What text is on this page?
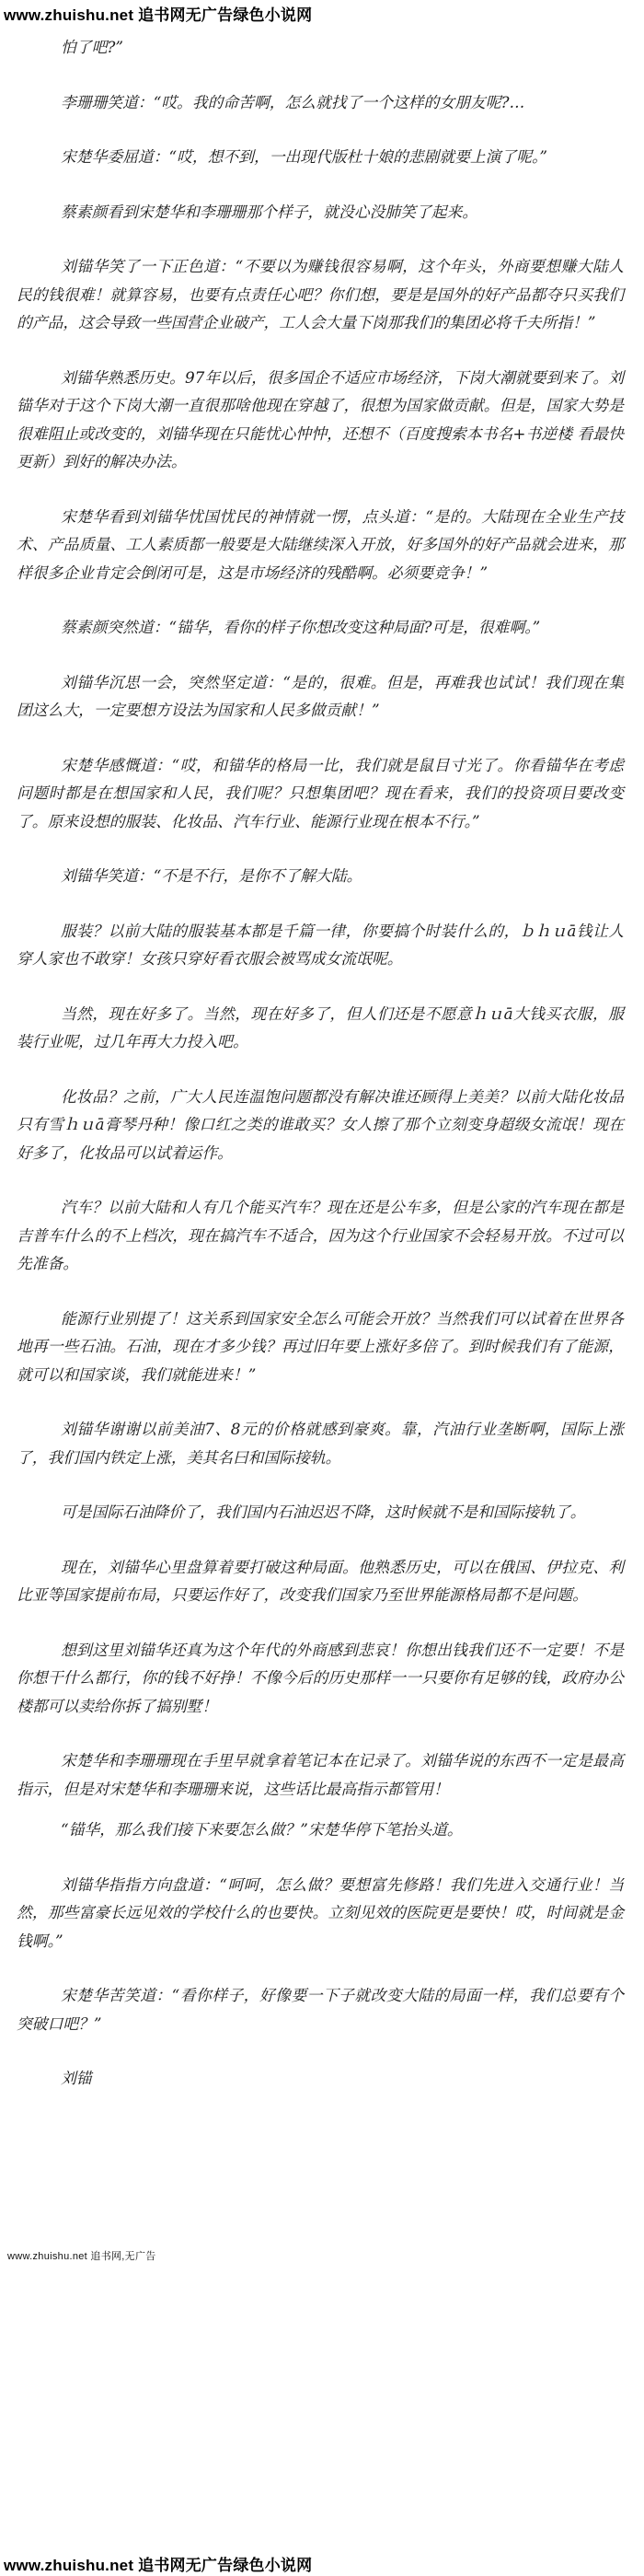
www.zhuishu.net 追书网无广告绿色小说网

怕了吧?”

李珊珊笑道：“哎。我的命苦啊，怎么就找了一个这样的女朋友呢?…

宋楚华委屈道：“哎，想不到，一出现代版杜十娘的悲剧就要上演了呢。”

蔡素颜看到宋楚华和李珊珊那个样子，就没心没肺笑了起来。

刘锚华笑了一下正色道：“不要以为赚钱很容易啊，这个年头，外商要想赚大陆人民的钱很难！就算容易，也要有点责任心吧？你们想，要是是国外的好产品都夺只买我们的产品，这会导致一些国营企业破产，工人会大量下岗那我们的集团必将千夫所指！”

刘锚华熟悉历史。97年以后，很多国企不适应市场经济，下岗大潮就要到来了。刘锚华对于这个下岗大潮一直很那啥他现在穿越了，很想为国家做贡献。但是，国家大势是很难阻止或改变的，刘锚华现在只能忧心忡忡，还想不（百度搜索本书名+书逆楼 看最快更新）到好的解决办法。

宋楚华看到刘锚华忧国忧民的神情就一愣，点头道：“是的。大陆现在全业生产技术、产品质量、工人素质都一般要是大陆继续深入开放，好多国外的好产品就会进来，那样很多企业肯定会倒闭可是，这是市场经济的残酷啊。必须要竞争！”

蔡素颜突然道：“锚华，看你的样子你想改变这种局面?可是，很难啊。”

刘锚华沉思一会，突然坚定道：“是的，很难。但是，再难我也试试！我们现在集团这么大，一定要想方设法为国家和人民多做贡献！”

宋楚华感慨道：“哎，和锚华的格局一比，我们就是鼠目寸光了。你看锚华在考虑问题时都是在想国家和人民，我们呢？只想集团吧？现在看来，我们的投资项目要改变了。原来设想的服装、化妆品、汽车行业、能源行业现在根本不行。”

刘锚华笑道：“不是不行，是你不了解大陆。

服装？以前大陆的服装基本都是千篇一律，你要搞个时装什么的，ｂｈｕā钱让人穿人家也不敢穿！女孩只穿好看衣服会被骂成女流氓呢。

当然，现在好多了。当然，现在好多了，但人们还是不愿意ｈｕā大钱买衣服，服装行业呢，过几年再大力投入吧。

化妆品？之前，广大人民连温饱问题都没有解决谁还顾得上美美？以前大陆化妆品只有雪ｈｕā膏琴丹种！像口红之类的谁敢买？女人擦了那个立刻变身超级女流氓！现在好多了，化妆品可以试着运作。

汽车？以前大陆和人有几个能买汽车？现在还是公车多，但是公家的汽车现在都是吉普车什么的不上档次，现在搞汽车不适合，因为这个行业国家不会轻易开放。不过可以先准备。

能源行业别提了！这关系到国家安全怎么可能会开放？当然我们可以试着在世界各地再一些石油。石油，现在才多少钱？再过旧年要上涨好多倍了。到时候我们有了能源，就可以和国家谈，我们就能进来！”

刘锚华谢谢以前美油7、8元的价格就感到豪爽。靠，汽油行业垄断啊，国际上涨了，我们国内铁定上涨，美其名曰和国际接轨。

可是国际石油降价了，我们国内石油迟迟不降，这时候就不是和国际接轨了。

现在，刘锚华心里盘算着要打破这种局面。他熟悉历史，可以在俄国、伊拉克、利比亚等国家提前布局，只要运作好了，改变我们国家乃至世界能源格局都不是问题。

想到这里刘锚华还真为这个年代的外商感到悲哀！你想出钱我们还不一定要！不是你想干什么都行，你的钱不好挣！不像今后的历史那样一一只要你有足够的钱，政府办公楼都可以卖给你拆了搞别墅！

宋楚华和李珊珊现在手里早就拿着笔记本在记录了。刘锚华说的东西不一定是最高指示，但是对宋楚华和李珊珊来说，这些话比最高指示都管用！

“锚华，那么我们接下来要怎么做？”宋楚华停下笔抬头道。

刘锚华指指方向盘道：“呵呵，怎么做？要想富先修路！我们先进入交通行业！当然，那些富豪长远见效的学校什么的也要快。立刻见效的医院更是要快！哎，时间就是金钱啊。”

宋楚华苦笑道：“看你样子，好像要一下子就改变大陆的局面一样，我们总要有个突破口吧？”

刘锚

www.zhuishu.net 追书网,无广告
www.zhuishu.net 追书网无广告绿色小说网
